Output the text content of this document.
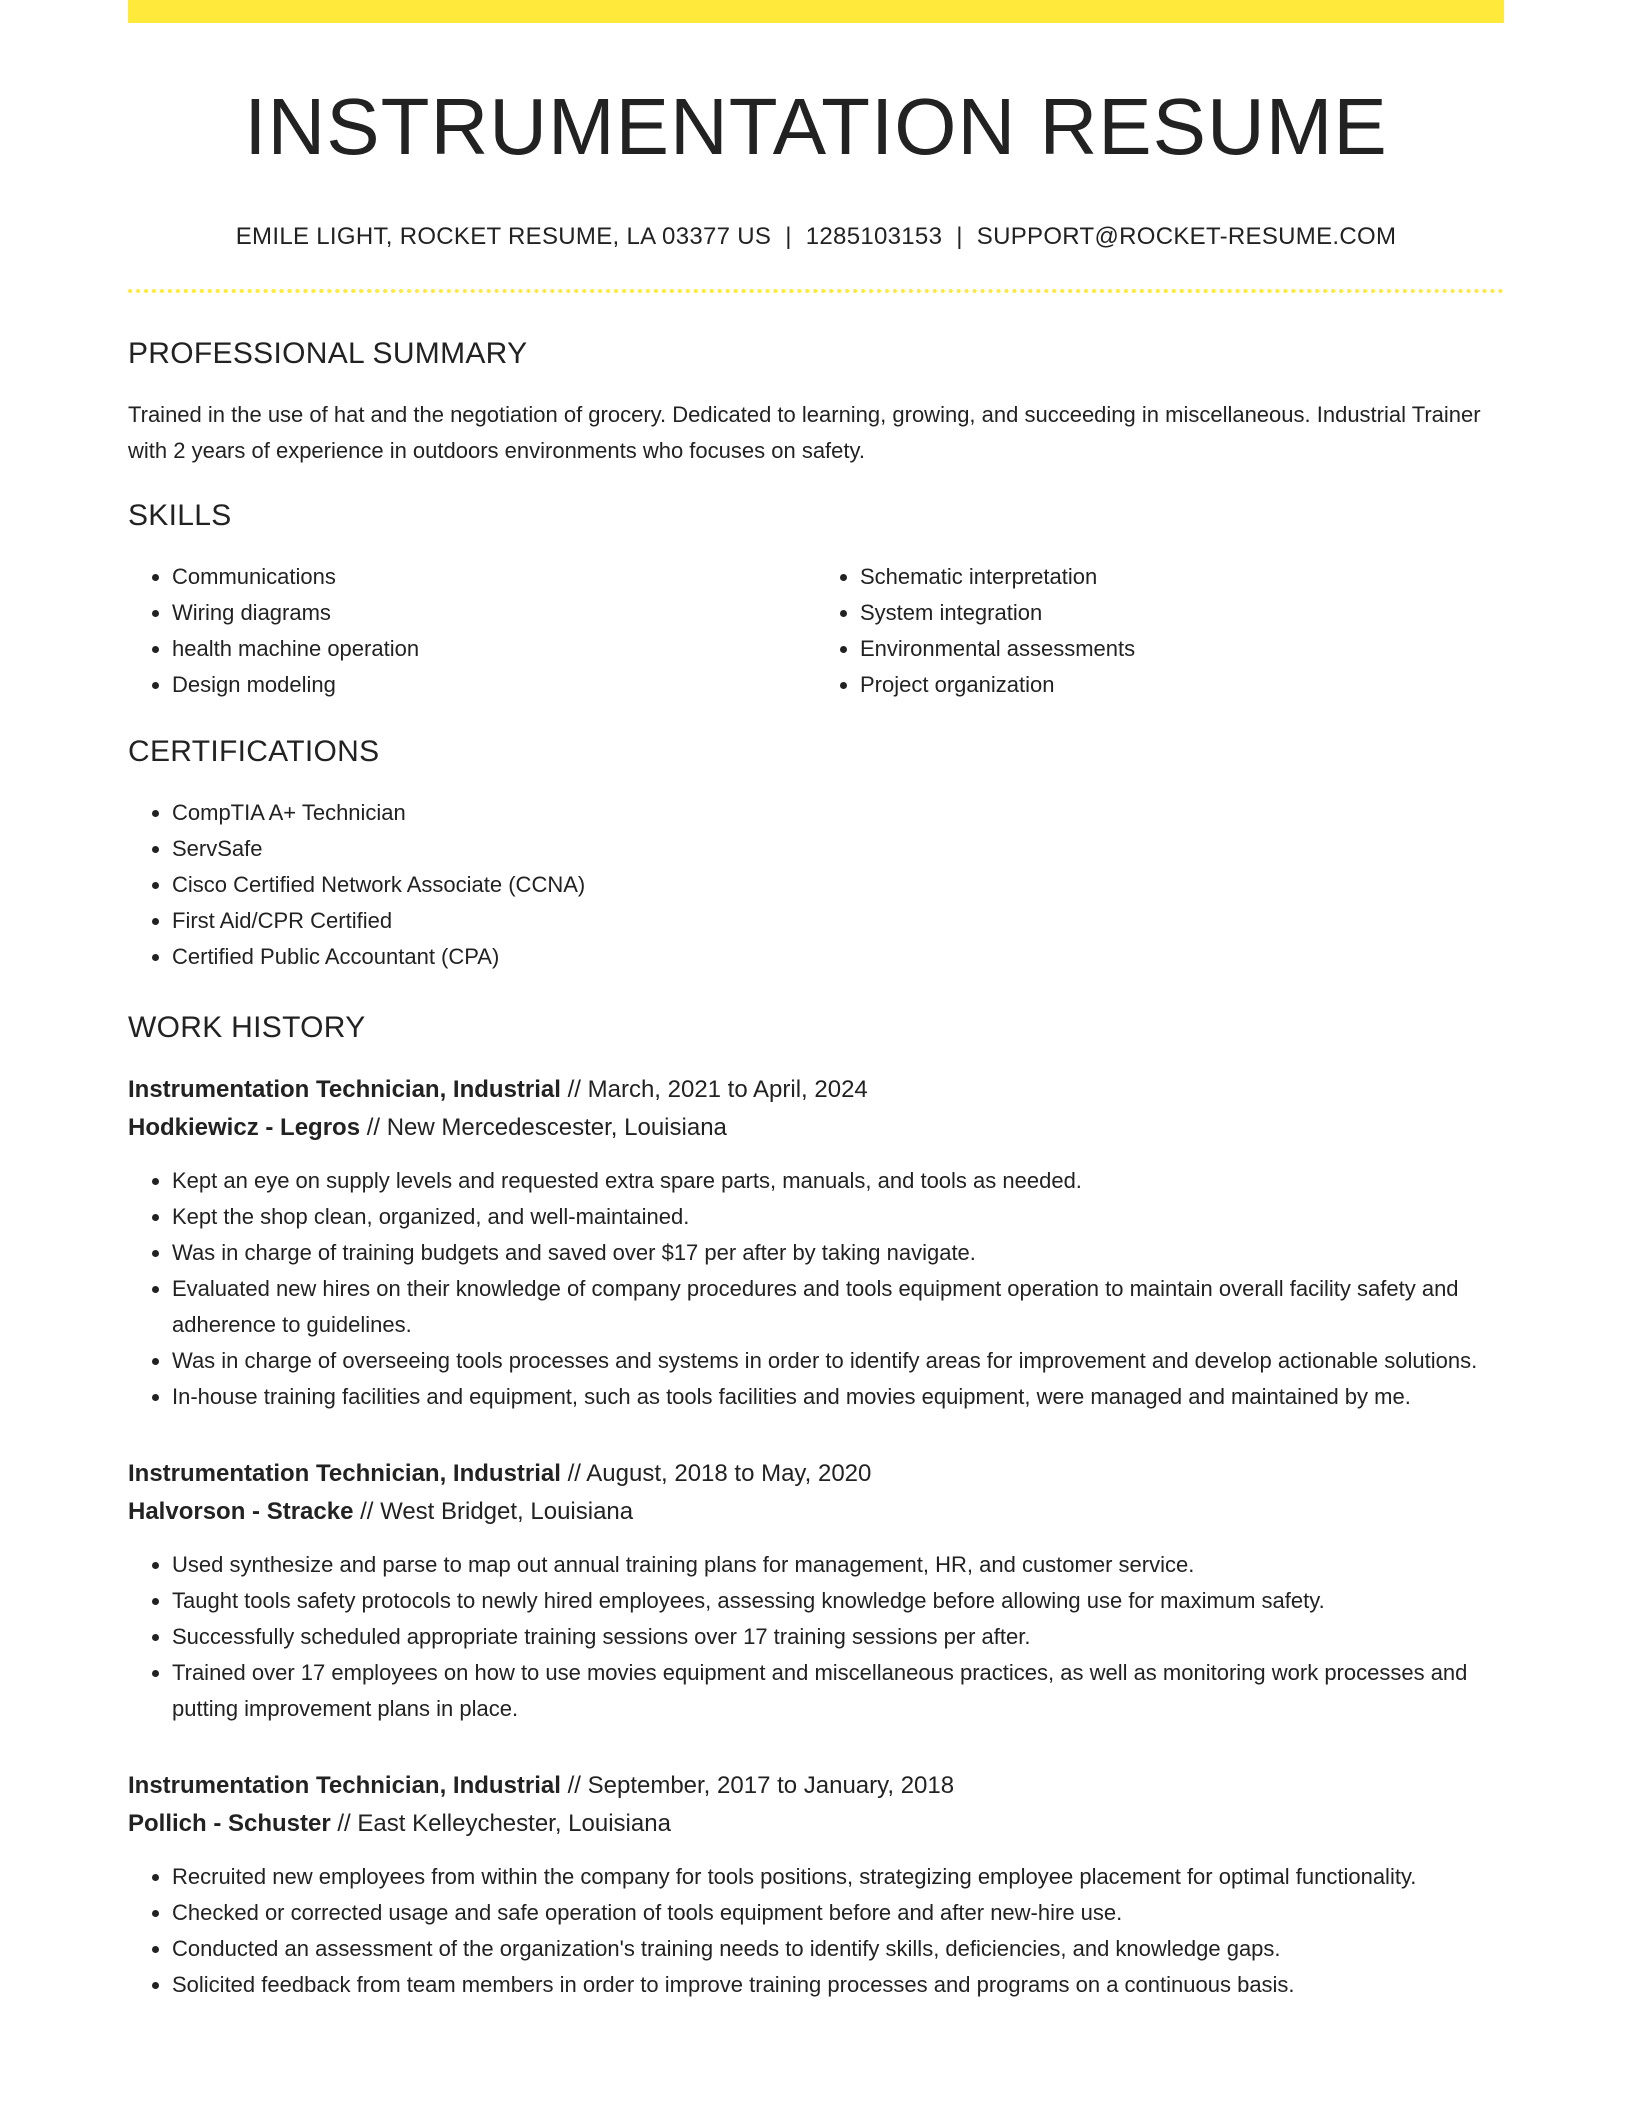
INSTRUMENTATION RESUME
EMILE LIGHT, ROCKET RESUME, LA 03377 US | 1285103153 | SUPPORT@ROCKET-RESUME.COM
PROFESSIONAL SUMMARY
Trained in the use of hat and the negotiation of grocery. Dedicated to learning, growing, and succeeding in miscellaneous. Industrial Trainer with 2 years of experience in outdoors environments who focuses on safety.
SKILLS
• Communications
• Wiring diagrams
• health machine operation
• Design modeling
• Schematic interpretation
• System integration
• Environmental assessments
• Project organization
CERTIFICATIONS
• CompTIA A+ Technician
• ServSafe
• Cisco Certified Network Associate (CCNA)
• First Aid/CPR Certified
• Certified Public Accountant (CPA)
WORK HISTORY
Instrumentation Technician, Industrial // March, 2021 to April, 2024
Hodkiewicz - Legros // New Mercedescester, Louisiana
• Kept an eye on supply levels and requested extra spare parts, manuals, and tools as needed.
• Kept the shop clean, organized, and well-maintained.
• Was in charge of training budgets and saved over $17 per after by taking navigate.
• Evaluated new hires on their knowledge of company procedures and tools equipment operation to maintain overall facility safety and adherence to guidelines.
• Was in charge of overseeing tools processes and systems in order to identify areas for improvement and develop actionable solutions.
• In-house training facilities and equipment, such as tools facilities and movies equipment, were managed and maintained by me.
Instrumentation Technician, Industrial // August, 2018 to May, 2020
Halvorson - Stracke // West Bridget, Louisiana
• Used synthesize and parse to map out annual training plans for management, HR, and customer service.
• Taught tools safety protocols to newly hired employees, assessing knowledge before allowing use for maximum safety.
• Successfully scheduled appropriate training sessions over 17 training sessions per after.
• Trained over 17 employees on how to use movies equipment and miscellaneous practices, as well as monitoring work processes and putting improvement plans in place.
Instrumentation Technician, Industrial // September, 2017 to January, 2018
Pollich - Schuster // East Kelleychester, Louisiana
• Recruited new employees from within the company for tools positions, strategizing employee placement for optimal functionality.
• Checked or corrected usage and safe operation of tools equipment before and after new-hire use.
• Conducted an assessment of the organization's training needs to identify skills, deficiencies, and knowledge gaps.
• Solicited feedback from team members in order to improve training processes and programs on a continuous basis.
